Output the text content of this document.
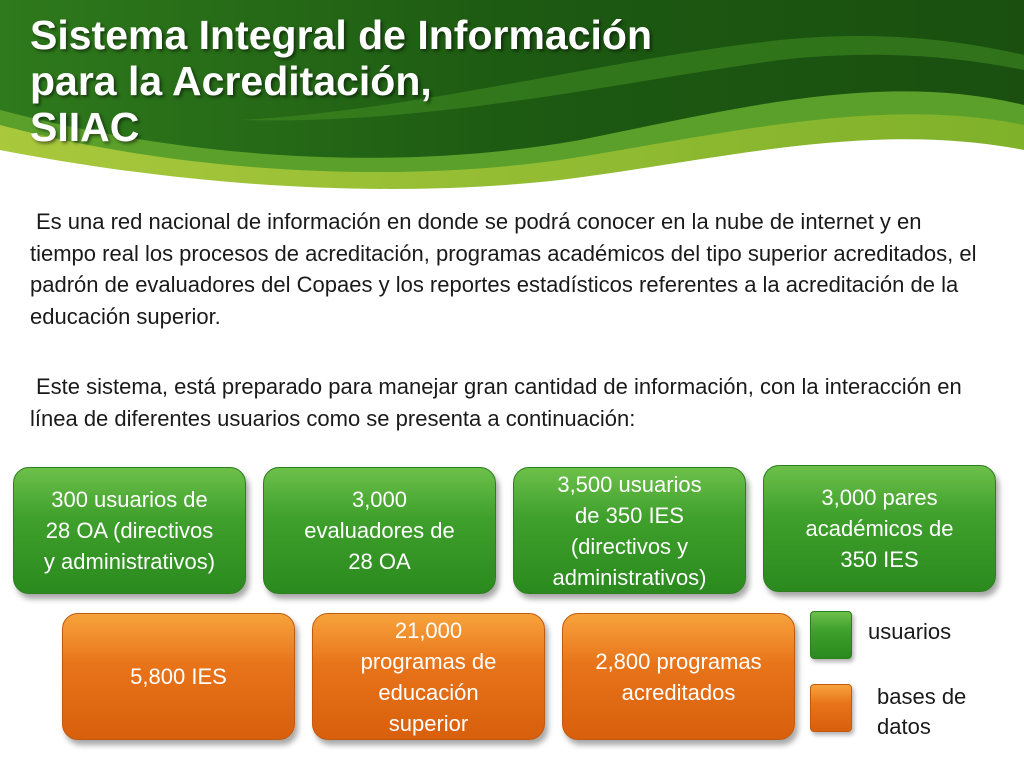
Sistema Integral de Información
para la Acreditación,
SIIAC

Es una red nacional de información en donde se podrá conocer en la nube de internet y en tiempo real los procesos de acreditación, programas académicos del tipo superior acreditados, el padrón de evaluadores del Copaes y los reportes estadísticos referentes a la acreditación de la educación superior.

Este sistema, está preparado para manejar gran cantidad de información, con la interacción en línea de diferentes usuarios como se presenta a continuación:

300 usuarios de
28 OA (directivos
y administrativos)
3,000
evaluadores de
28 OA
3,500 usuarios
de 350 IES
(directivos y
administrativos)
3,000 pares
académicos de
350 IES
5,800 IES
21,000
programas de
educación
superior
2,800 programas
acreditados
usuarios
bases de
datos
